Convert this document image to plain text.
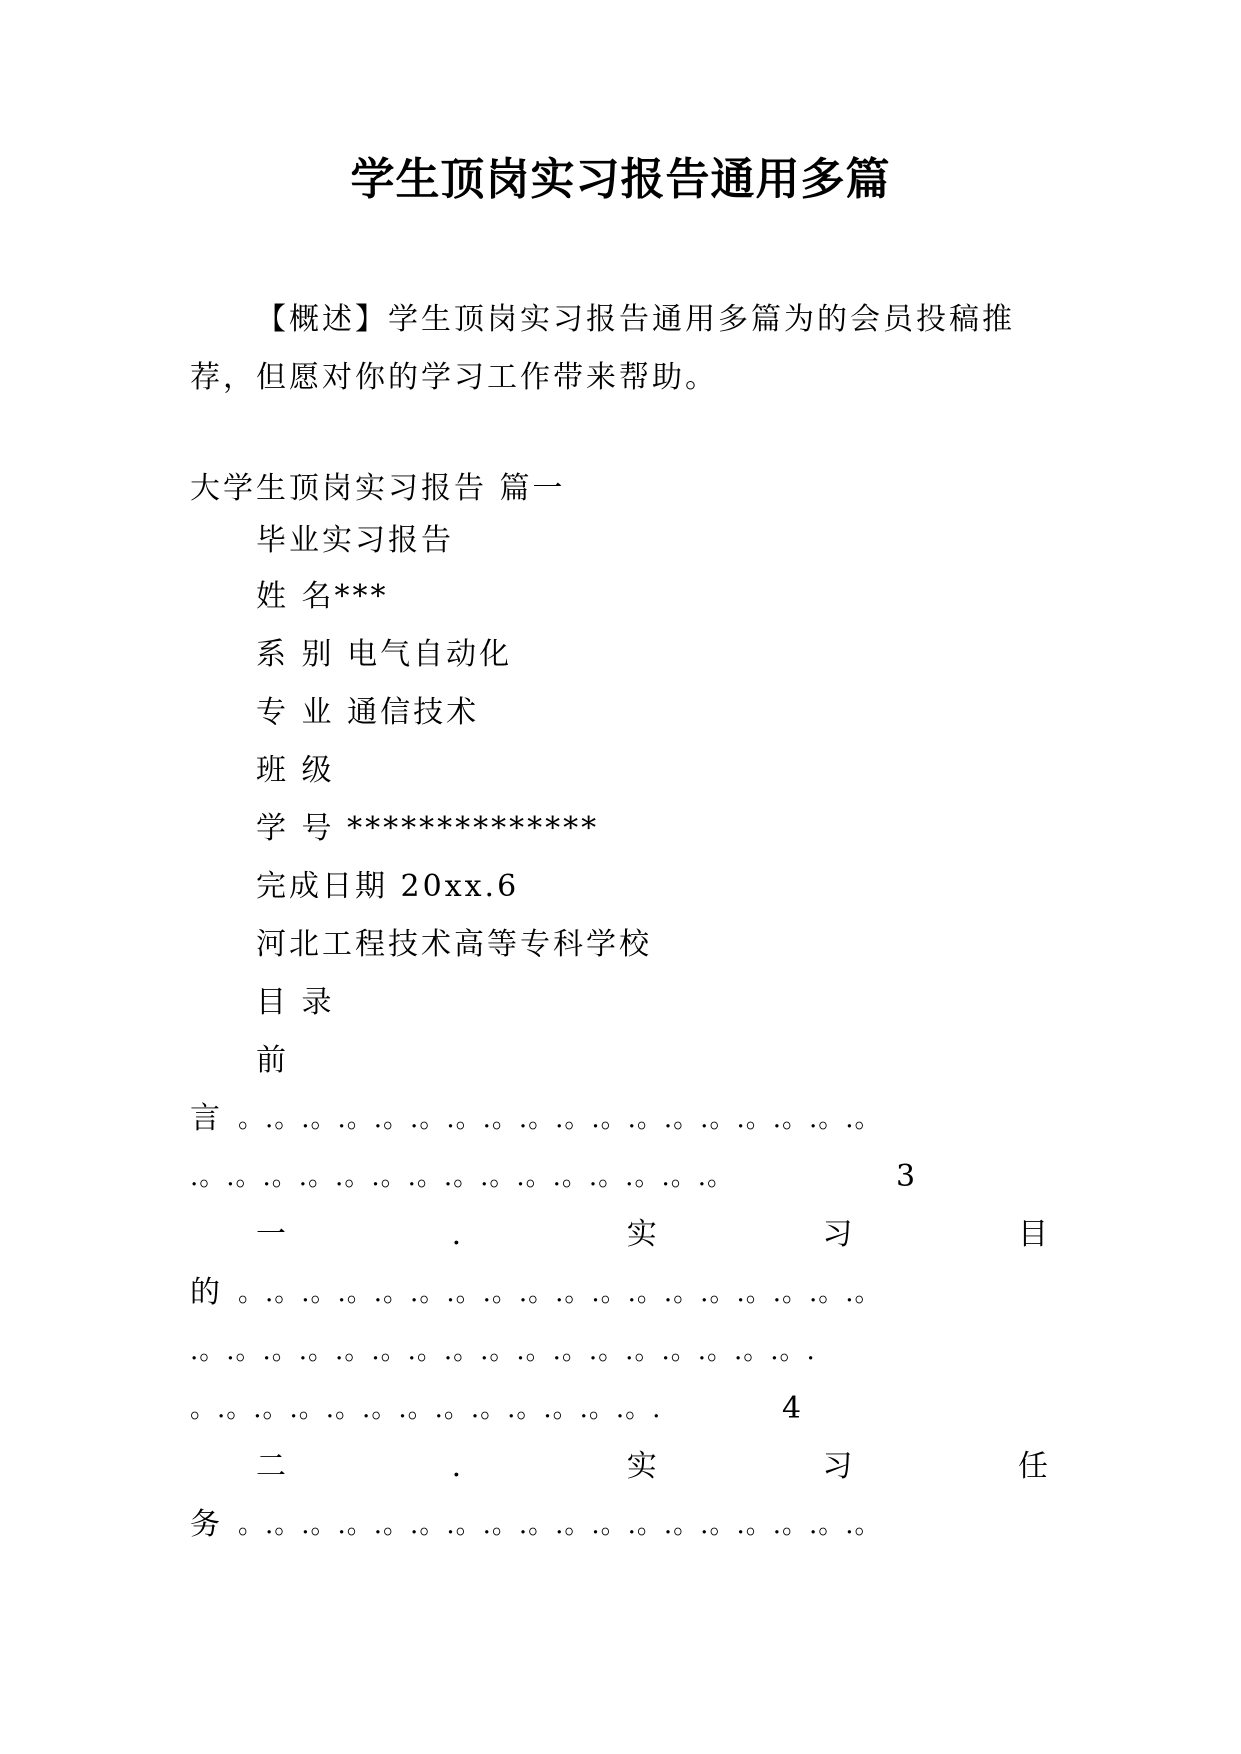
学生顶岗实习报告通用多篇
【概述】学生顶岗实习报告通用多篇为的会员投稿推荐，但愿对你的学习工作带来帮助。
大学生顶岗实习报告 篇一
毕业实习报告
姓 名***
系 别 电气自动化
专 业 通信技术
班 级
学 号 **************
完成日期 20xx.6
河北工程技术高等专科学校
目 录
前
言 。.。.。.。.。.。.。.。.。.。.。.。.。.。.。.。.。.。
.。.。.。.。.。.。.。.。.。.。.。.。.。.。.。	3
一	.	实	习	目
的 。.。.。.。.。.。.。.。.。.。.。.。.。.。.。.。.。.。
.。.。.。.。.。.。.。.。.。.。.。.。.。.。.。.。.。.
。.。.。.。.。.。.。.。.。.。.。.。.。.	4
二	.	实	习	任
务 。.。.。.。.。.。.。.。.。.。.。.。.。.。.。.。.。.。
